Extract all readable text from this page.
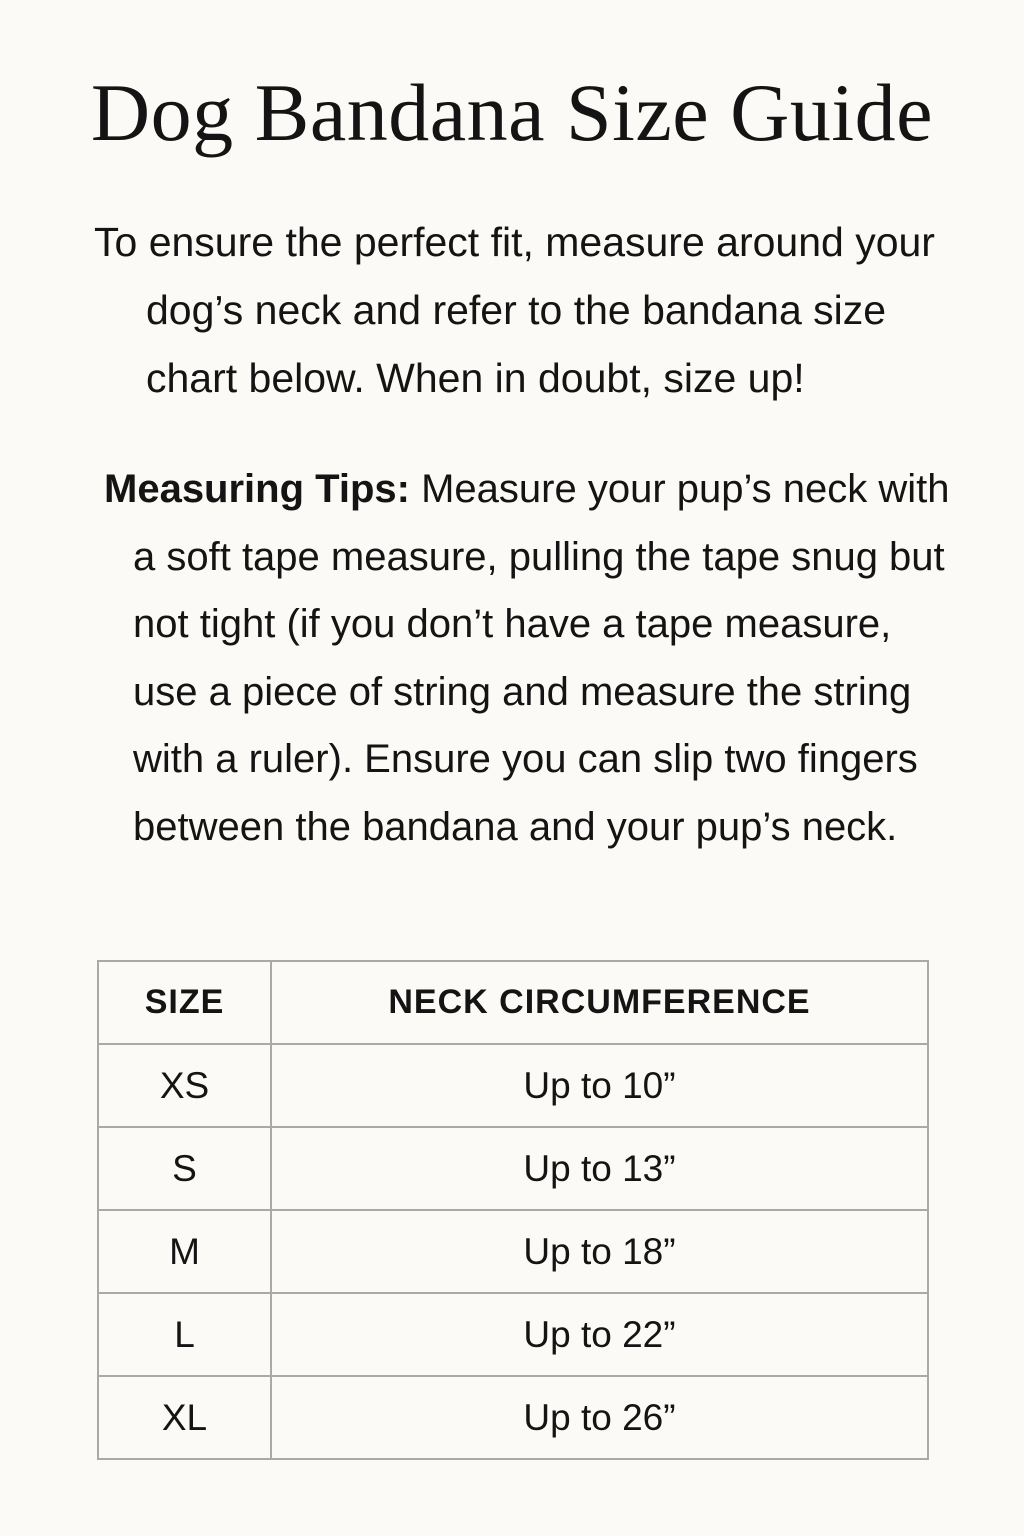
Dog Bandana Size Guide

To ensure the perfect fit, measure around your dog’s neck and refer to the bandana size chart below. When in doubt, size up!

Measuring Tips: Measure your pup’s neck with a soft tape measure, pulling the tape snug but not tight (if you don’t have a tape measure, use a piece of string and measure the string with a ruler). Ensure you can slip two fingers between the bandana and your pup’s neck.

SIZE	NECK CIRCUMFERENCE
XS	Up to 10”
S	Up to 13”
M	Up to 18”
L	Up to 22”
XL	Up to 26”
